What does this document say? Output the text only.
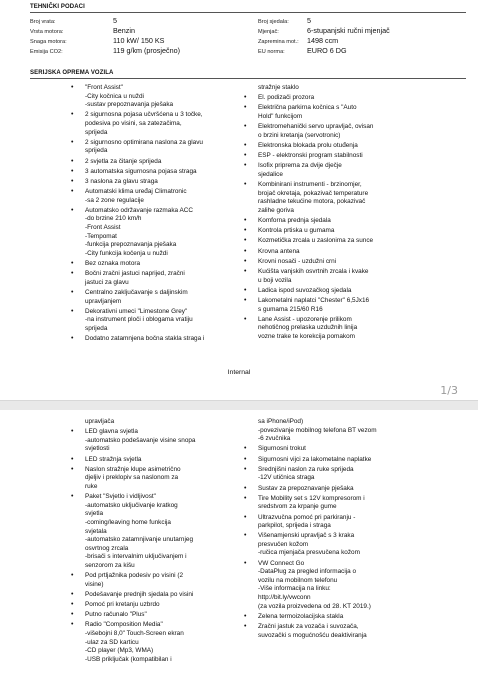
TEHNIČKI PODACI
Broj vrata:	5
Vrsta motora:	Benzin
Snaga motora:	110 kW/ 150 KS
Emisija CO2:	119 g/km (prosječno)
Broj sjedala:	5
Mjenjač:	6-stupanjski ručni mjenjač
Zapremina mot.: 1498 ccm
EU norma:	EURO 6 DG
SERIJSKA OPREMA VOZILA
• "Front Assist"
-City kočnica u nuždi
-sustav prepoznavanja pješaka
• 2 sigurnosna pojasa učvršćena u 3 točke,
podesiva po visini, sa zatezačima,
sprijeda
• 2 sigurnosno optimirana naslona za glavu
sprijeda
• 2 svjetla za čitanje sprijeda
• 3 automatska sigurnosna pojasa straga
• 3 naslona za glavu straga
• Automatski klima uređaj Climatronic
-sa 2 zone regulacije
• Automatsko održavanje razmaka ACC
-do brzine 210 km/h
-Front Assist
-Tempomat
-funkcija prepoznavanja pješaka
-City funkcija kočenja u nuždi
• Bez oznaka motora
• Bočni zračni jastuci naprijed, zračni
jastuci za glavu
• Centralno zaključavanje s daljinskim
upravljanjem
• Dekorativni umeci "Limestone Grey"
-na instrument ploči i oblogama vratiju
sprijeda
• Dodatno zatamnjena bočna stakla straga i
stražnje staklo
• El. podizači prozora
• Električna parkirna kočnica s "Auto
Hold" funkcijom
• Elektromehanički servo upravljač, ovisan
o brzini kretanja (servotronic)
• Elektronska blokada prolu otuđenja
• ESP - elektronski program stabilnosti
• Isofix priprema za dvije dječje
sjedalice
• Kombinirani instrumenti - brzinomjer,
brojač okretaja, pokazivač temperature
rashladne tekućine motora, pokazivač
zalihe goriva
• Komforna prednja sjedala
• Kontrola prtiska u gumama
• Kozmetička zrcala u zaslonima za sunce
• Krovna antena
• Krovni nosači - uzdužni crni
• Kućišta vanjskih osvrtnih zrcala i kvake
u boji vozila
• Ladica ispod suvozačkog sjedala
• Lakometalni naplatci "Chester" 6,5Jx16
s gumama 215/60 R16
• Lane Assist - upozorenje prilikom
nehotičnog prelaska uzdužnih linija
vozne trake te korekcija pomakom
Internal
1/3
upravljača
• LED glavna svjetla
-automatsko podešavanje visine snopa
svjetlosti
• LED stražnja svjetla
• Naslon stražnje klupe asimetrično
djeljiv i preklopiv sa naslonom za
ruke
• Paket "Svjetlo i vidljivost"
-automatsko uključivanje kratkog
svjetla
-coming/leaving home funkcija
svjetala
-automatsko zatamnjivanje unutarnjeg
osvrtnog zrcala
-brisači s intervalnim uključivanjem i
senzorom za kišu
• Pod prtljažnika podesiv po visini (2
visine)
• Podešavanje prednjih sjedala po visini
• Pomoć pri kretanju uzbrdo
• Putno računalo "Plus"
• Radio "Composition Media"
-višebojni 8,0" Touch-Screen ekran
-ulaz za SD karticu
-CD player (Mp3, WMA)
-USB priključak (kompatibilan i
sa iPhone/iPod)
-povezivanje mobilnog telefona BT vezom
-6 zvučnika
• Sigurnosni trokut
• Sigurnosni vijci za lakometalne naplatke
• Srednjišni naslon za ruke sprijeda
-12V utičnica straga
• Sustav za prepoznavanje pješaka
• Tire Mobility set s 12V kompresorom i
sredstvom za krpanje gume
• Ultrazvučna pomoć pri parkiranju -
parkpilot, sprijeda i straga
• Višenamjenski upravljač s 3 kraka
presvučen kožom
-ručica mjenjača presvučena kožom
• VW Connect Go
-DataPlug za pregled informacija o
vozilu na mobilnom telefonu
-Više informacija na linku:
http://bit.ly/vwconn
(za vozila proizvedena od 28. KT 2019.)
• Zelena termoizolacijska stakla
• Zračni jastuk za vozača i suvozača,
suvozački s mogućnošću deaktiviranja
